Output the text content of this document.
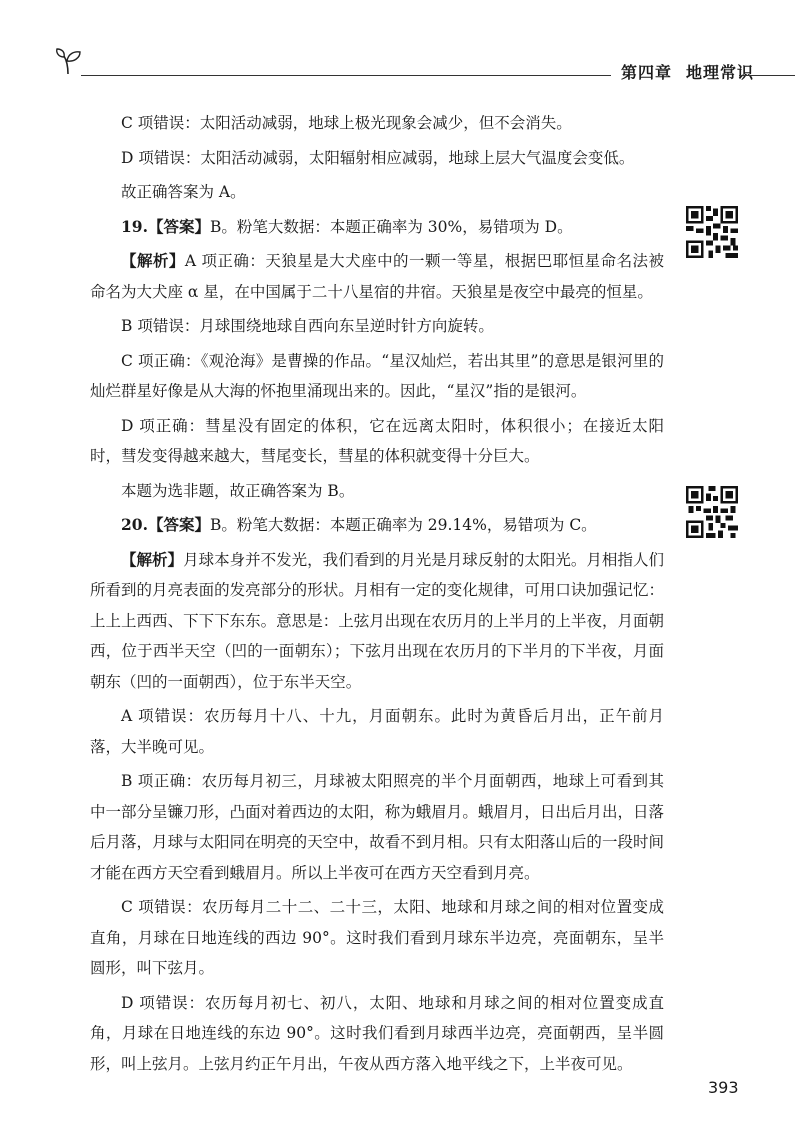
第四章 地理常识

C 项错误：太阳活动减弱，地球上极光现象会减少，但不会消失。

D 项错误：太阳活动减弱，太阳辐射相应减弱，地球上层大气温度会变低。

故正确答案为 A。

19.【答案】B。粉笔大数据：本题正确率为 30%，易错项为 D。

【解析】A 项正确：天狼星是大犬座中的一颗一等星，根据巴耶恒星命名法被命名为大犬座 α 星，在中国属于二十八星宿的井宿。天狼星是夜空中最亮的恒星。

B 项错误：月球围绕地球自西向东呈逆时针方向旋转。

C 项正确：《观沧海》是曹操的作品。“星汉灿烂，若出其里”的意思是银河里的灿烂群星好像是从大海的怀抱里涌现出来的。因此，“星汉”指的是银河。

D 项正确：彗星没有固定的体积，它在远离太阳时，体积很小；在接近太阳时，彗发变得越来越大，彗尾变长，彗星的体积就变得十分巨大。

本题为选非题，故正确答案为 B。

20.【答案】B。粉笔大数据：本题正确率为 29.14%，易错项为 C。

【解析】月球本身并不发光，我们看到的月光是月球反射的太阳光。月相指人们所看到的月亮表面的发亮部分的形状。月相有一定的变化规律，可用口诀加强记忆：上上上西西、下下下东东。意思是：上弦月出现在农历月的上半月的上半夜，月面朝西，位于西半天空（凹的一面朝东）；下弦月出现在农历月的下半月的下半夜，月面朝东（凹的一面朝西），位于东半天空。

A 项错误：农历每月十八、十九，月面朝东。此时为黄昏后月出，正午前月落，大半晚可见。

B 项正确：农历每月初三，月球被太阳照亮的半个月面朝西，地球上可看到其中一部分呈镰刀形，凸面对着西边的太阳，称为蛾眉月。蛾眉月，日出后月出，日落后月落，月球与太阳同在明亮的天空中，故看不到月相。只有太阳落山后的一段时间才能在西方天空看到蛾眉月。所以上半夜可在西方天空看到月亮。

C 项错误：农历每月二十二、二十三，太阳、地球和月球之间的相对位置变成直角，月球在日地连线的西边 90°。这时我们看到月球东半边亮，亮面朝东，呈半圆形，叫下弦月。

D 项错误：农历每月初七、初八，太阳、地球和月球之间的相对位置变成直角，月球在日地连线的东边 90°。这时我们看到月球西半边亮，亮面朝西，呈半圆形，叫上弦月。上弦月约正午月出，午夜从西方落入地平线之下，上半夜可见。

393
